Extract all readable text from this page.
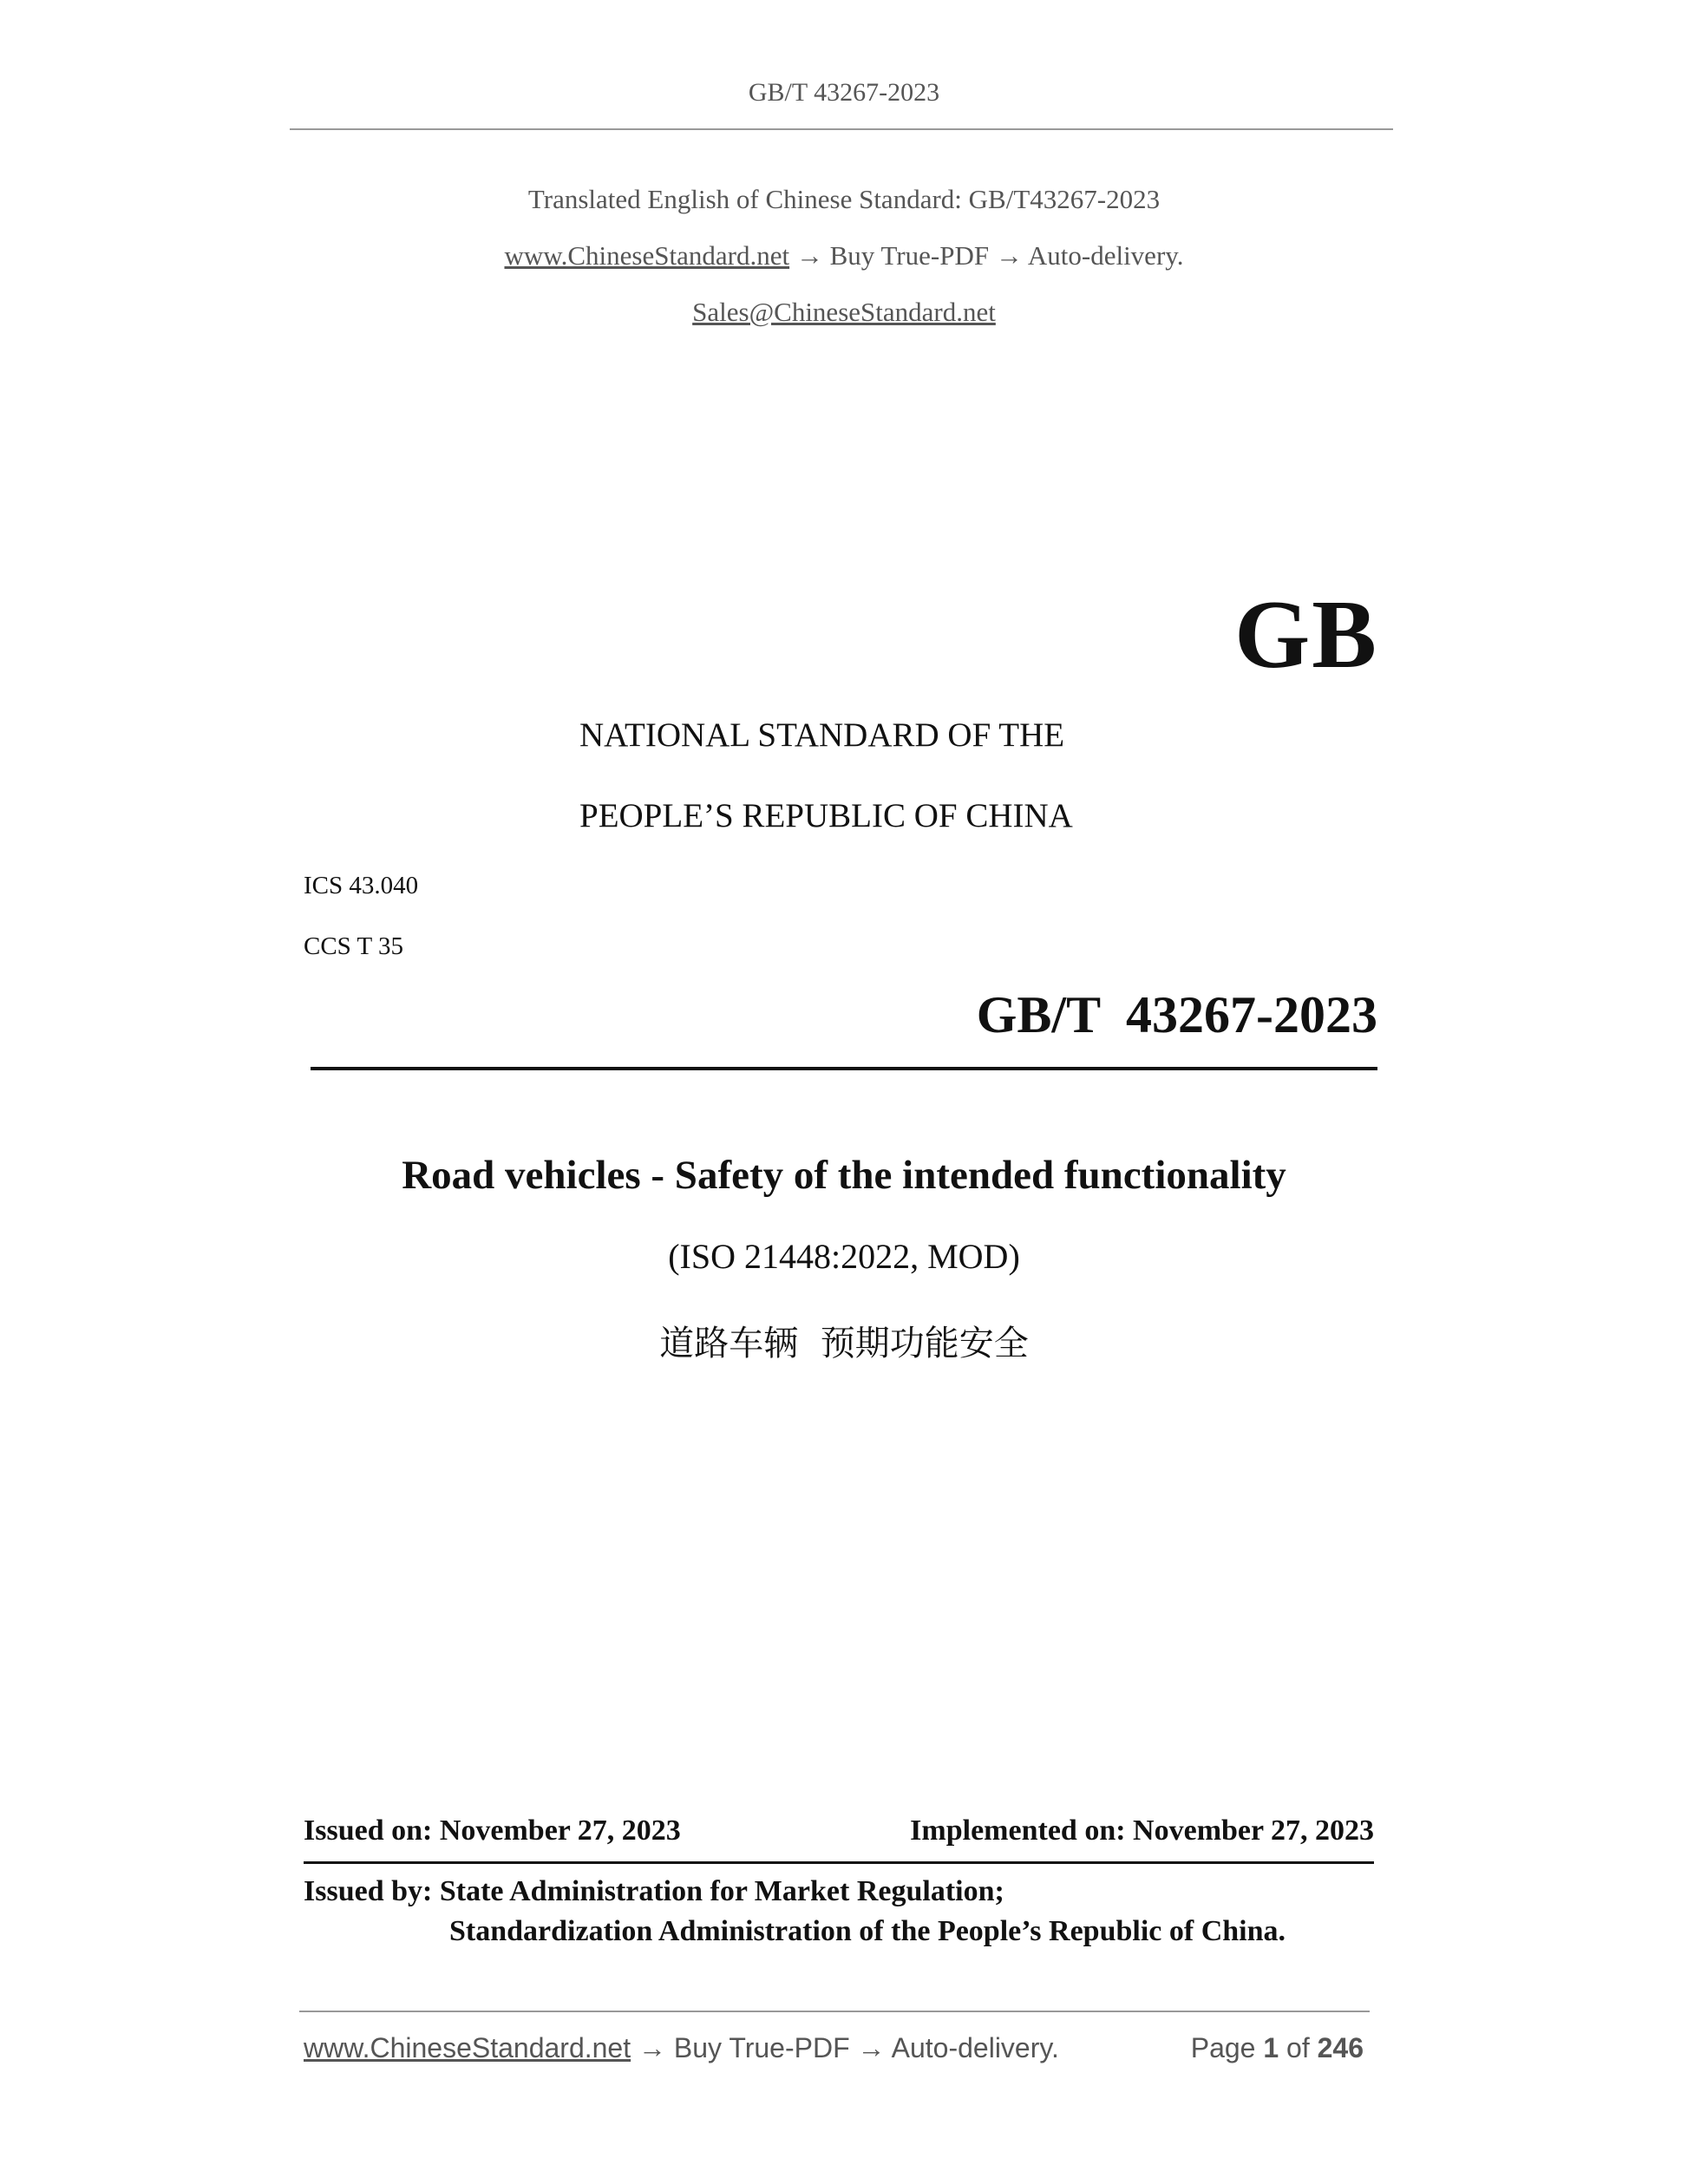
GB/T 43267-2023
Translated English of Chinese Standard: GB/T43267-2023
www.ChineseStandard.net → Buy True-PDF → Auto-delivery.
Sales@ChineseStandard.net
GB
NATIONAL STANDARD OF THE
PEOPLE’S REPUBLIC OF CHINA
ICS 43.040
CCS T 35
GB/T  43267-2023
Road vehicles - Safety of the intended functionality
(ISO 21448:2022, MOD)
道路车辆  预期功能安全
Issued on: November 27, 2023	Implemented on: November 27, 2023
Issued by: State Administration for Market Regulation;
Standardization Administration of the People’s Republic of China.
www.ChineseStandard.net → Buy True-PDF → Auto-delivery.	Page 1 of 246
